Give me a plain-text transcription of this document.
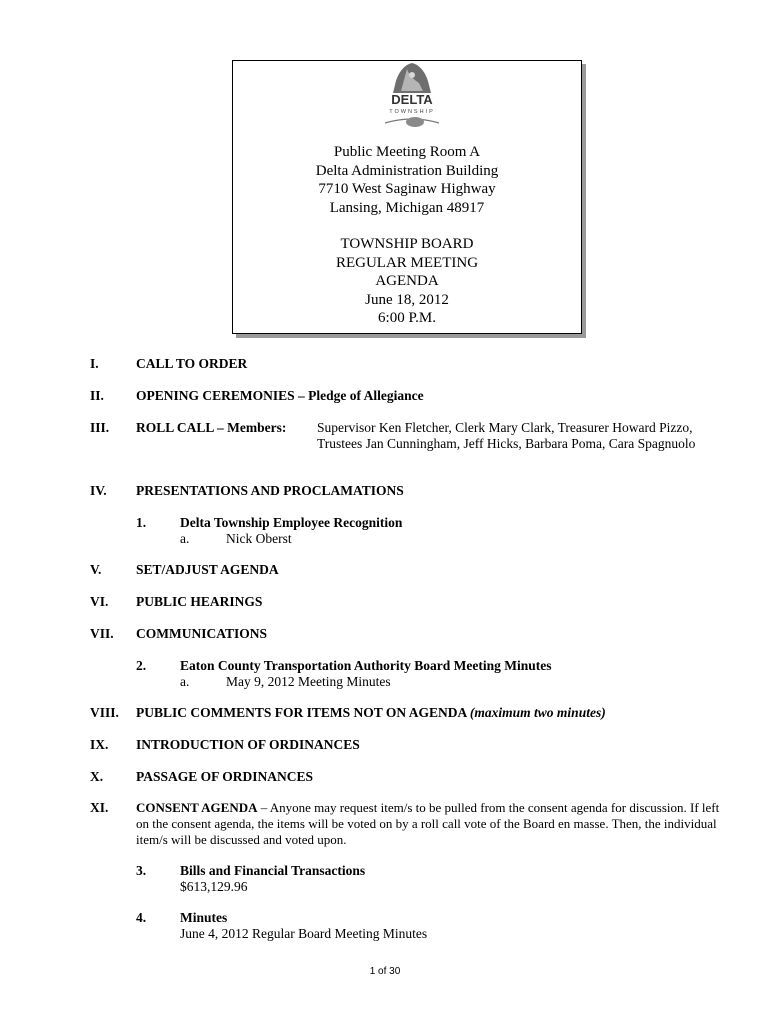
DELTA
TOWNSHIP
Public Meeting Room A
Delta Administration Building
7710 West Saginaw Highway
Lansing, Michigan 48917
TOWNSHIP BOARD
REGULAR MEETING
AGENDA
June 18, 2012
6:00 P.M.
I.	CALL TO ORDER
II. OPENING CEREMONIES – Pledge of Allegiance
III. ROLL CALL – Members: Supervisor Ken Fletcher, Clerk Mary Clark, Treasurer Howard Pizzo, Trustees Jan Cunningham, Jeff Hicks, Barbara Poma, Cara Spagnuolo
IV. PRESENTATIONS AND PROCLAMATIONS
1.	Delta Township Employee Recognition
a.	Nick Oberst
V.	SET/ADJUST AGENDA
VI. PUBLIC HEARINGS
VII. COMMUNICATIONS
2.	Eaton County Transportation Authority Board Meeting Minutes
a.	May 9, 2012 Meeting Minutes
VIII. PUBLIC COMMENTS FOR ITEMS NOT ON AGENDA (maximum two minutes)
IX. INTRODUCTION OF ORDINANCES
X. PASSAGE OF ORDINANCES
XI. CONSENT AGENDA – Anyone may request item/s to be pulled from the consent agenda for discussion. If left on the consent agenda, the items will be voted on by a roll call vote of the Board en masse. Then, the individual item/s will be discussed and voted upon.
3.	Bills and Financial Transactions
$613,129.96
4.	Minutes
June 4, 2012 Regular Board Meeting Minutes
1 of 30
